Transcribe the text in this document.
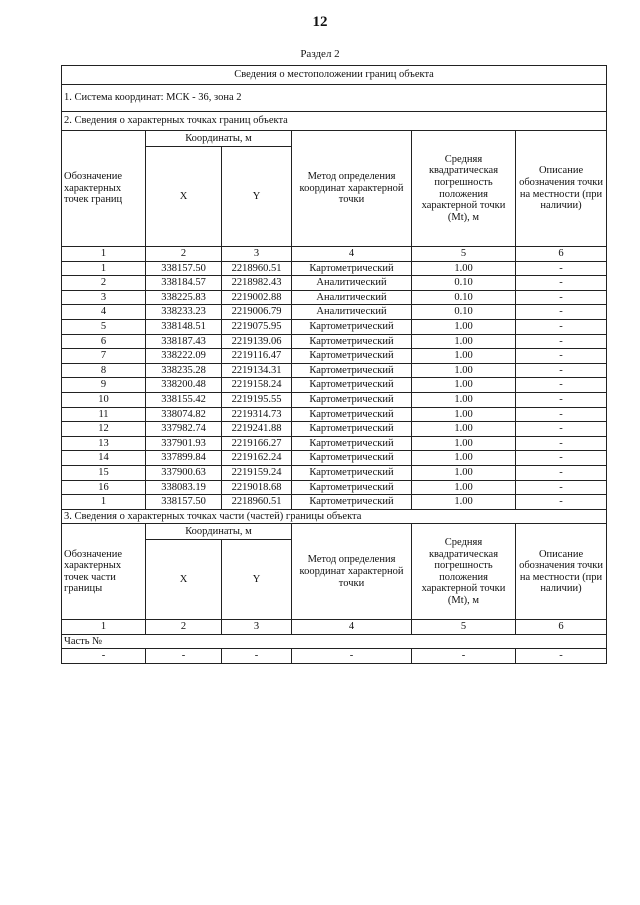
12
Раздел 2
Сведения о местоположении границ объекта					
1. Система координат: МСК - 36, зона 2					
2. Сведения о характерных точках границ объекта					
Обозначение характерных точек границ	Координаты, м		Метод определения координат характерной точки	Средняя квадратическая погрешность положения характерной точки (Mt), м	Описание обозначения точки на местности (при наличии)
	X	Y			
1	2	3	4	5	6
1	338157.50	2218960.51	Картометрический	1.00	-
2	338184.57	2218982.43	Аналитический	0.10	-
3	338225.83	2219002.88	Аналитический	0.10	-
4	338233.23	2219006.79	Аналитический	0.10	-
5	338148.51	2219075.95	Картометрический	1.00	-
6	338187.43	2219139.06	Картометрический	1.00	-
7	338222.09	2219116.47	Картометрический	1.00	-
8	338235.28	2219134.31	Картометрический	1.00	-
9	338200.48	2219158.24	Картометрический	1.00	-
10	338155.42	2219195.55	Картометрический	1.00	-
11	338074.82	2219314.73	Картометрический	1.00	-
12	337982.74	2219241.88	Картометрический	1.00	-
13	337901.93	2219166.27	Картометрический	1.00	-
14	337899.84	2219162.24	Картометрический	1.00	-
15	337900.63	2219159.24	Картометрический	1.00	-
16	338083.19	2219018.68	Картометрический	1.00	-
1	338157.50	2218960.51	Картометрический	1.00	-
3. Сведения о характерных точках части (частей) границы объекта					
Обозначение характерных точек части границы	Координаты, м		Метод определения координат характерной точки	Средняя квадратическая погрешность положения характерной точки (Mt), м	Описание обозначения точки на местности (при наличии)
	X	Y			
1	2	3	4	5	6
Часть №					
-	-	-	-	-	-
